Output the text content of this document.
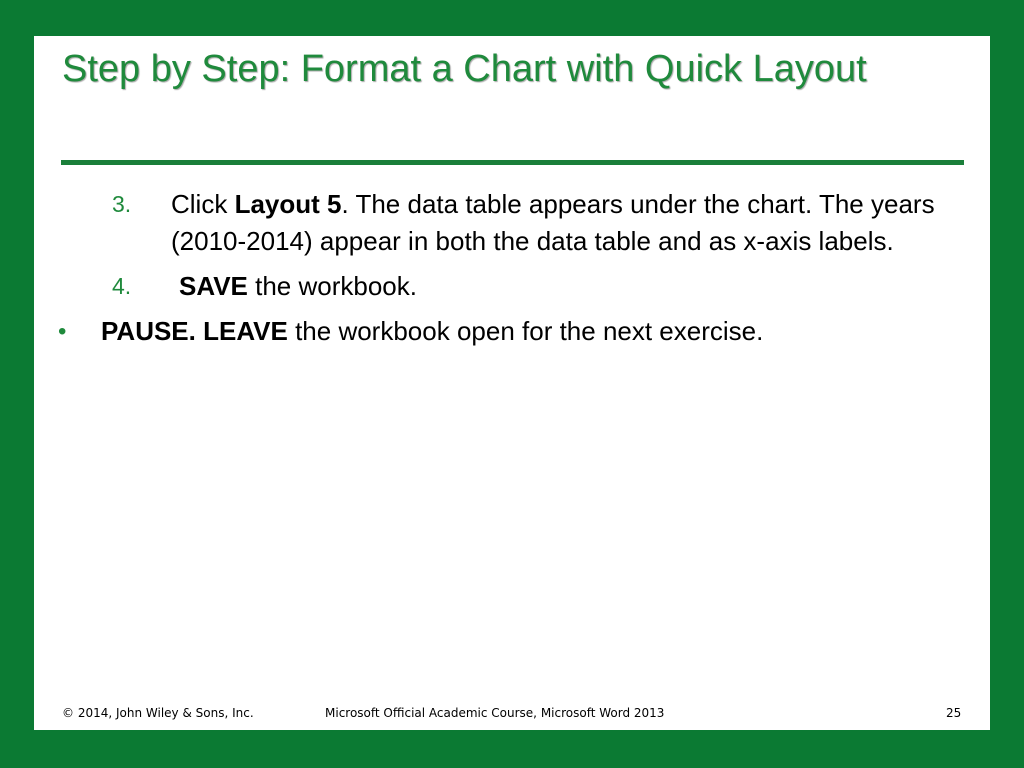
Step by Step: Format a Chart with Quick Layout
3. Click Layout 5. The data table appears under the chart. The years (2010-2014) appear in both the data table and as x-axis labels.
4. SAVE the workbook.
• PAUSE. LEAVE the workbook open for the next exercise.
© 2014, John Wiley & Sons, Inc.	Microsoft Official Academic Course, Microsoft Word 2013	25
